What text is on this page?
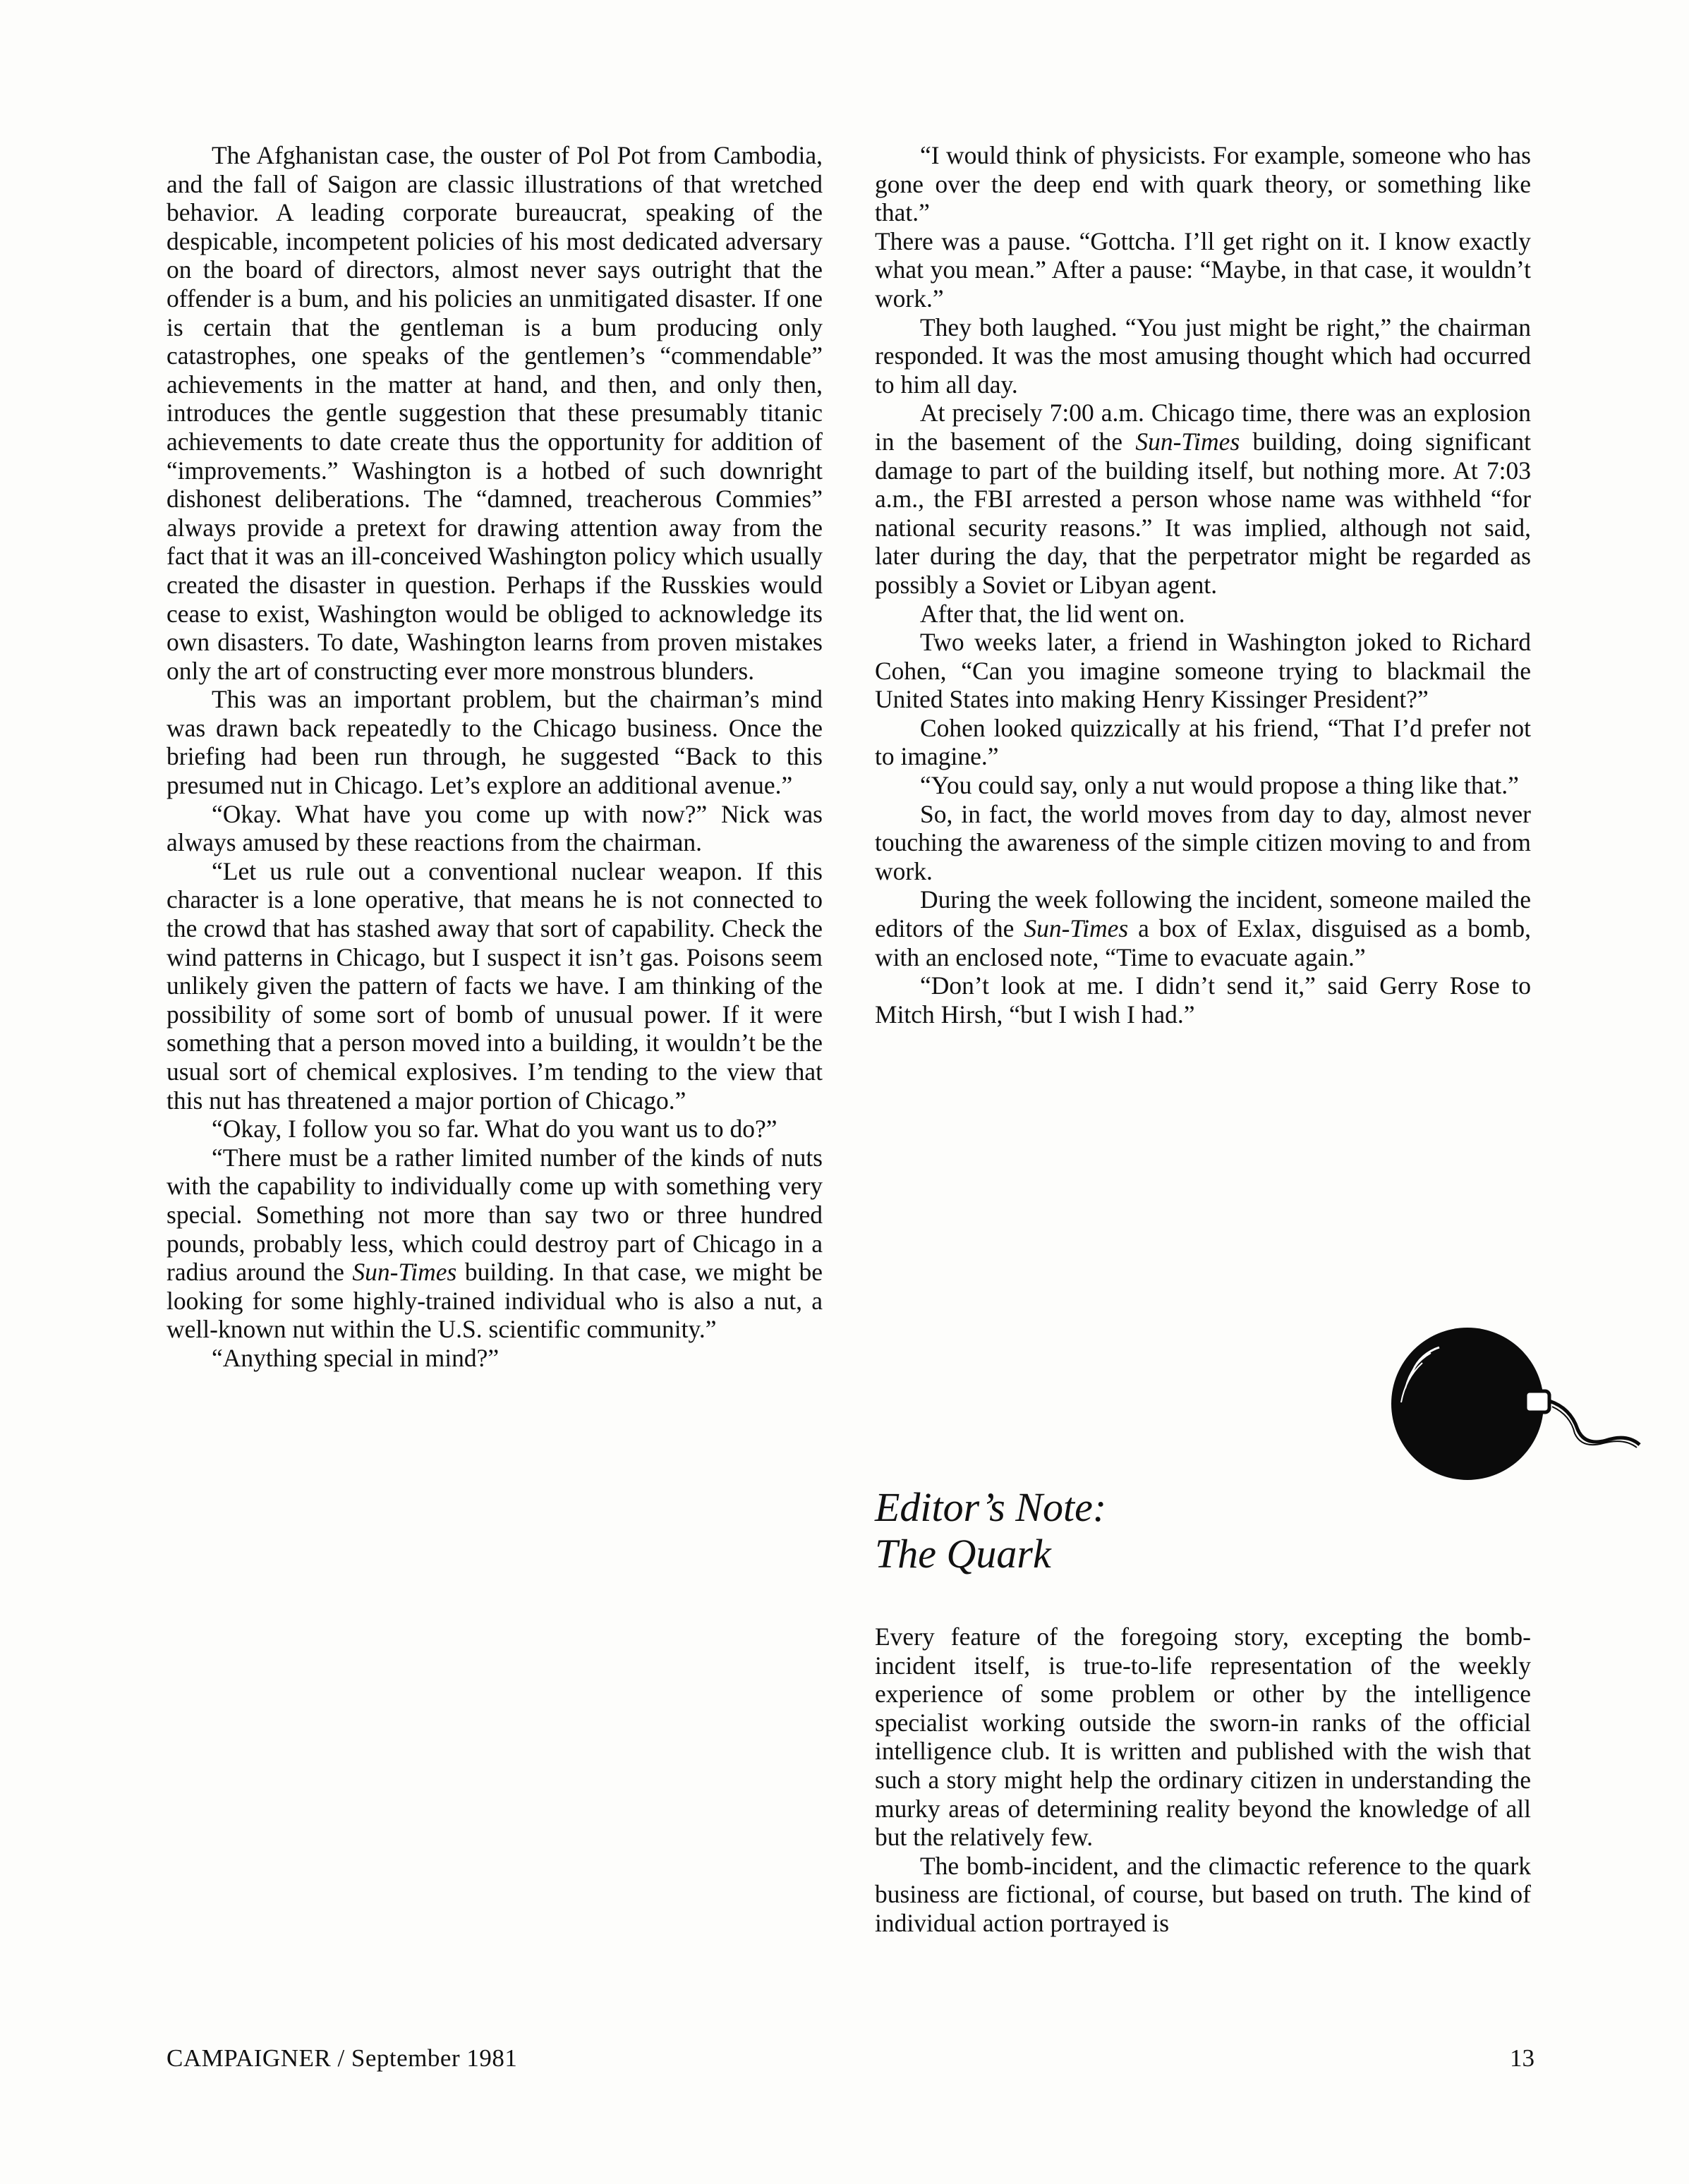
The Afghanistan case, the ouster of Pol Pot from Cambodia, and the fall of Saigon are classic illustrations of that wretched behavior. A leading corporate bureaucrat, speaking of the despicable, incompetent policies of his most dedicated adversary on the board of directors, almost never says outright that the offender is a bum, and his policies an unmitigated disaster. If one is certain that the gentleman is a bum producing only catastrophes, one speaks of the gentlemen’s “commendable” achievements in the matter at hand, and then, and only then, introduces the gentle suggestion that these presumably titanic achievements to date create thus the opportunity for addition of “improvements.” Washington is a hotbed of such downright dishonest deliberations. The “damned, treacherous Commies” always provide a pretext for drawing attention away from the fact that it was an ill-conceived Washington policy which usually created the disaster in question. Perhaps if the Russkies would cease to exist, Washington would be obliged to acknowledge its own disasters. To date, Washington learns from proven mistakes only the art of constructing ever more monstrous blunders.

This was an important problem, but the chairman’s mind was drawn back repeatedly to the Chicago business. Once the briefing had been run through, he suggested “Back to this presumed nut in Chicago. Let’s explore an additional avenue.”

“Okay. What have you come up with now?” Nick was always amused by these reactions from the chairman.

“Let us rule out a conventional nuclear weapon. If this character is a lone operative, that means he is not connected to the crowd that has stashed away that sort of capability. Check the wind patterns in Chicago, but I suspect it isn’t gas. Poisons seem unlikely given the pattern of facts we have. I am thinking of the possibility of some sort of bomb of unusual power. If it were something that a person moved into a building, it wouldn’t be the usual sort of chemical explosives. I’m tending to the view that this nut has threatened a major portion of Chicago.”

“Okay, I follow you so far. What do you want us to do?”

“There must be a rather limited number of the kinds of nuts with the capability to individually come up with something very special. Something not more than say two or three hundred pounds, probably less, which could destroy part of Chicago in a radius around the Sun-Times building. In that case, we might be looking for some highly-trained individual who is also a nut, a well-known nut within the U.S. scientific community.”

“Anything special in mind?”

“I would think of physicists. For example, someone who has gone over the deep end with quark theory, or something like that.”

There was a pause. “Gottcha. I’ll get right on it. I know exactly what you mean.” After a pause: “Maybe, in that case, it wouldn’t work.”

They both laughed. “You just might be right,” the chairman responded. It was the most amusing thought which had occurred to him all day.

At precisely 7:00 a.m. Chicago time, there was an explosion in the basement of the Sun-Times building, doing significant damage to part of the building itself, but nothing more. At 7:03 a.m., the FBI arrested a person whose name was withheld “for national security reasons.” It was implied, although not said, later during the day, that the perpetrator might be regarded as possibly a Soviet or Libyan agent.

After that, the lid went on.

Two weeks later, a friend in Washington joked to Richard Cohen, “Can you imagine someone trying to blackmail the United States into making Henry Kissinger President?”

Cohen looked quizzically at his friend, “That I’d prefer not to imagine.”

“You could say, only a nut would propose a thing like that.”

So, in fact, the world moves from day to day, almost never touching the awareness of the simple citizen moving to and from work.

During the week following the incident, someone mailed the editors of the Sun-Times a box of Exlax, disguised as a bomb, with an enclosed note, “Time to evacuate again.”

“Don’t look at me. I didn’t send it,” said Gerry Rose to Mitch Hirsh, “but I wish I had.”

Editor’s Note:
The Quark

Every feature of the foregoing story, excepting the bomb-incident itself, is true-to-life representation of the weekly experience of some problem or other by the intelligence specialist working outside the sworn-in ranks of the official intelligence club. It is written and published with the wish that such a story might help the ordinary citizen in understanding the murky areas of determining reality beyond the knowledge of all but the relatively few.

The bomb-incident, and the climactic reference to the quark business are fictional, of course, but based on truth. The kind of individual action portrayed is

CAMPAIGNER / September 1981	13
